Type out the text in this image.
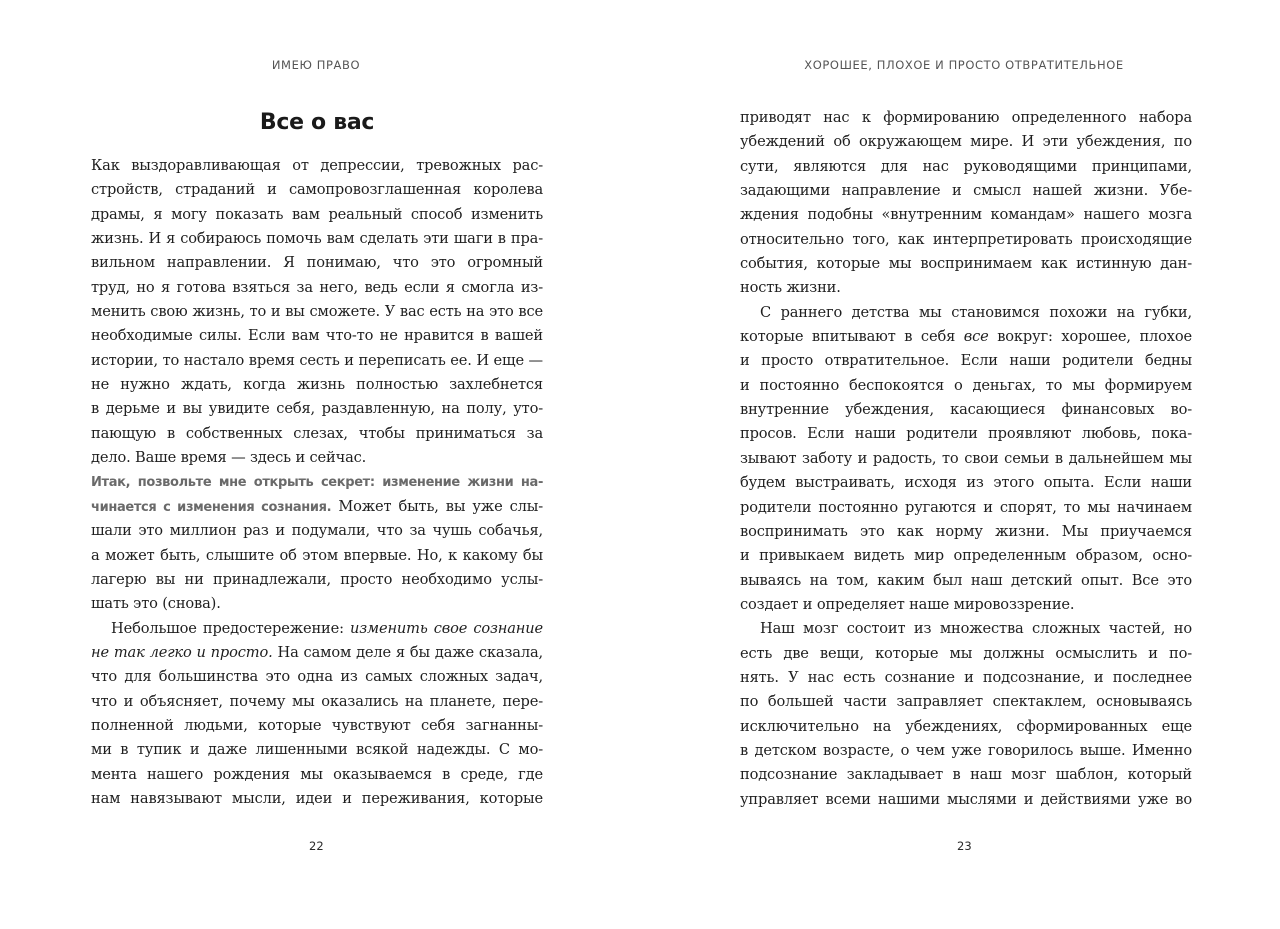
ИМЕЮ ПРАВО
Все о вас
Как выздоравливающая от депрессии, тревожных рас-
стройств, страданий и самопровозглашенная королева
драмы, я могу показать вам реальный способ изменить
жизнь. И я собираюсь помочь вам сделать эти шаги в пра-
вильном направлении. Я понимаю, что это огромный
труд, но я готова взяться за него, ведь если я смогла из-
менить свою жизнь, то и вы сможете. У вас есть на это все
необходимые силы. Если вам что-то не нравится в вашей
истории, то настало время сесть и переписать ее. И еще —
не нужно ждать, когда жизнь полностью захлебнется
в дерьме и вы увидите себя, раздавленную, на полу, уто-
пающую в собственных слезах, чтобы приниматься за
дело. Ваше время — здесь и сейчас.
Итак, позвольте мне открыть секрет: изменение жизни на-
чинается с изменения сознания. Может быть, вы уже слы-
шали это миллион раз и подумали, что за чушь собачья,
а может быть, слышите об этом впервые. Но, к какому бы
лагерю вы ни принадлежали, просто необходимо услы-
шать это (снова).
Небольшое предостережение: изменить свое сознание
не так легко и просто. На самом деле я бы даже сказала,
что для большинства это одна из самых сложных задач,
что и объясняет, почему мы оказались на планете, пере-
полненной людьми, которые чувствуют себя загнанны-
ми в тупик и даже лишенными всякой надежды. С мо-
мента нашего рождения мы оказываемся в среде, где
нам навязывают мысли, идеи и переживания, которые
22
ХОРОШЕЕ, ПЛОХОЕ И ПРОСТО ОТВРАТИТЕЛЬНОЕ
приводят нас к формированию определенного набора
убеждений об окружающем мире. И эти убеждения, по
сути, являются для нас руководящими принципами,
задающими направление и смысл нашей жизни. Убе-
ждения подобны «внутренним командам» нашего мозга
относительно того, как интерпретировать происходящие
события, которые мы воспринимаем как истинную дан-
ность жизни.
С раннего детства мы становимся похожи на губки,
которые впитывают в себя все вокруг: хорошее, плохое
и просто отвратительное. Если наши родители бедны
и постоянно беспокоятся о деньгах, то мы формируем
внутренние убеждения, касающиеся финансовых во-
просов. Если наши родители проявляют любовь, пока-
зывают заботу и радость, то свои семьи в дальнейшем мы
будем выстраивать, исходя из этого опыта. Если наши
родители постоянно ругаются и спорят, то мы начинаем
воспринимать это как норму жизни. Мы приучаемся
и привыкаем видеть мир определенным образом, осно-
вываясь на том, каким был наш детский опыт. Все это
создает и определяет наше мировоззрение.
Наш мозг состоит из множества сложных частей, но
есть две вещи, которые мы должны осмыслить и по-
нять. У нас есть сознание и подсознание, и последнее
по большей части заправляет спектаклем, основываясь
исключительно на убеждениях, сформированных еще
в детском возрасте, о чем уже говорилось выше. Именно
подсознание закладывает в наш мозг шаблон, который
управляет всеми нашими мыслями и действиями уже во
23
